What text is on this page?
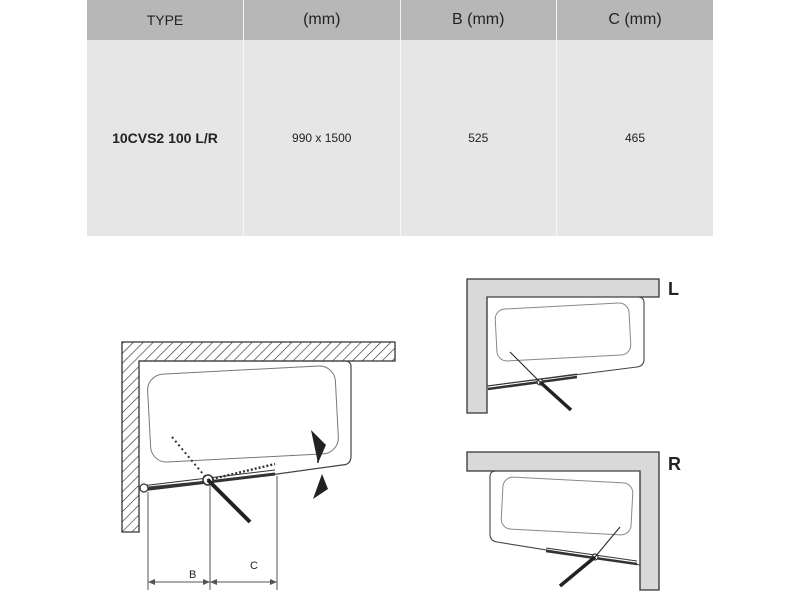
TYPE	(mm)	B (mm)	C (mm)
10CVS2 100 L/R	990 x 1500	525	465
B
C
L
R
